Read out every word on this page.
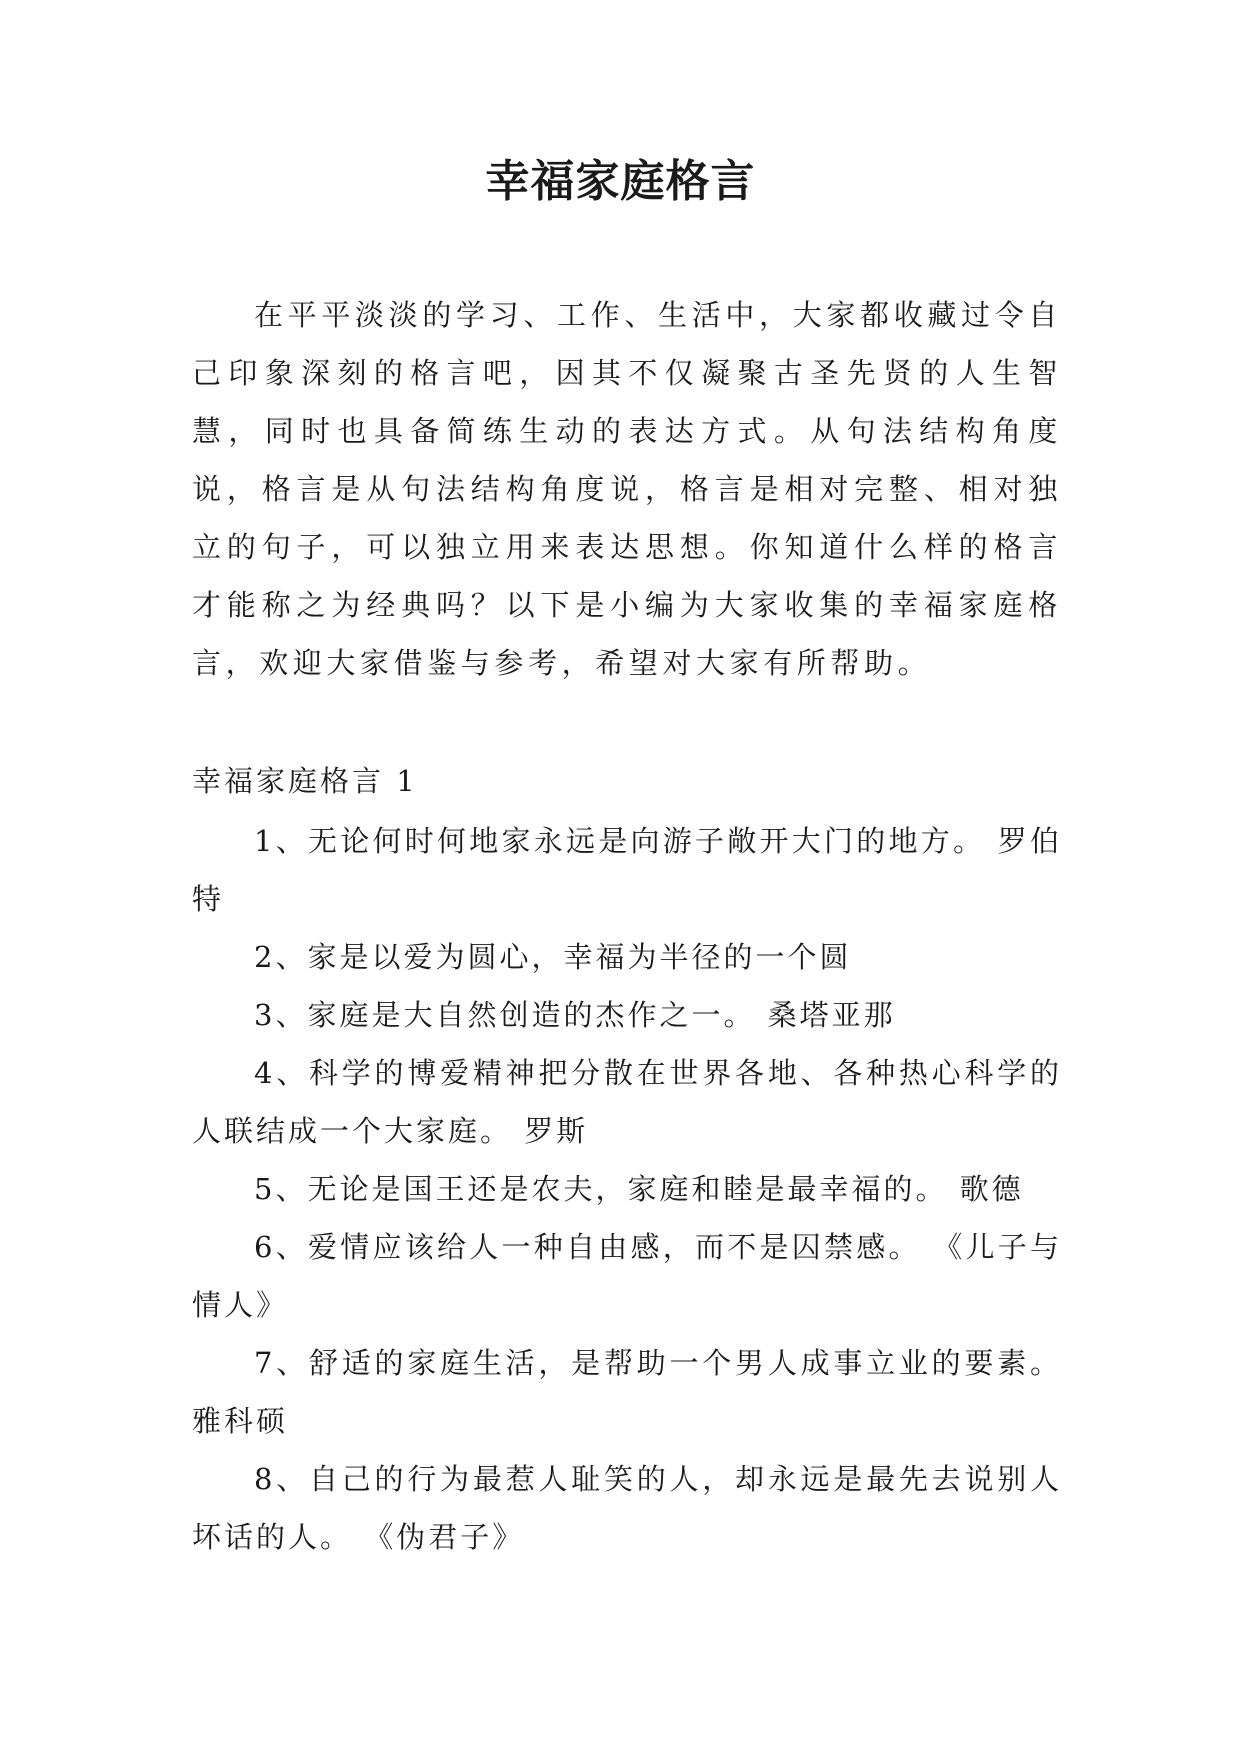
幸福家庭格言

在平平淡淡的学习、工作、生活中，大家都收藏过令自己印象深刻的格言吧，因其不仅凝聚古圣先贤的人生智慧，同时也具备简练生动的表达方式。从句法结构角度说，格言是从句法结构角度说，格言是相对完整、相对独立的句子，可以独立用来表达思想。你知道什么样的格言才能称之为经典吗？以下是小编为大家收集的幸福家庭格言，欢迎大家借鉴与参考，希望对大家有所帮助。

幸福家庭格言 1

1、无论何时何地家永远是向游子敞开大门的地方。 罗伯特
2、家是以爱为圆心，幸福为半径的一个圆
3、家庭是大自然创造的杰作之一。 桑塔亚那
4、科学的博爱精神把分散在世界各地、各种热心科学的人联结成一个大家庭。 罗斯
5、无论是国王还是农夫，家庭和睦是最幸福的。 歌德
6、爱情应该给人一种自由感，而不是囚禁感。 《儿子与情人》
7、舒适的家庭生活，是帮助一个男人成事立业的要素。雅科硕
8、自己的行为最惹人耻笑的人，却永远是最先去说别人坏话的人。 《伪君子》
